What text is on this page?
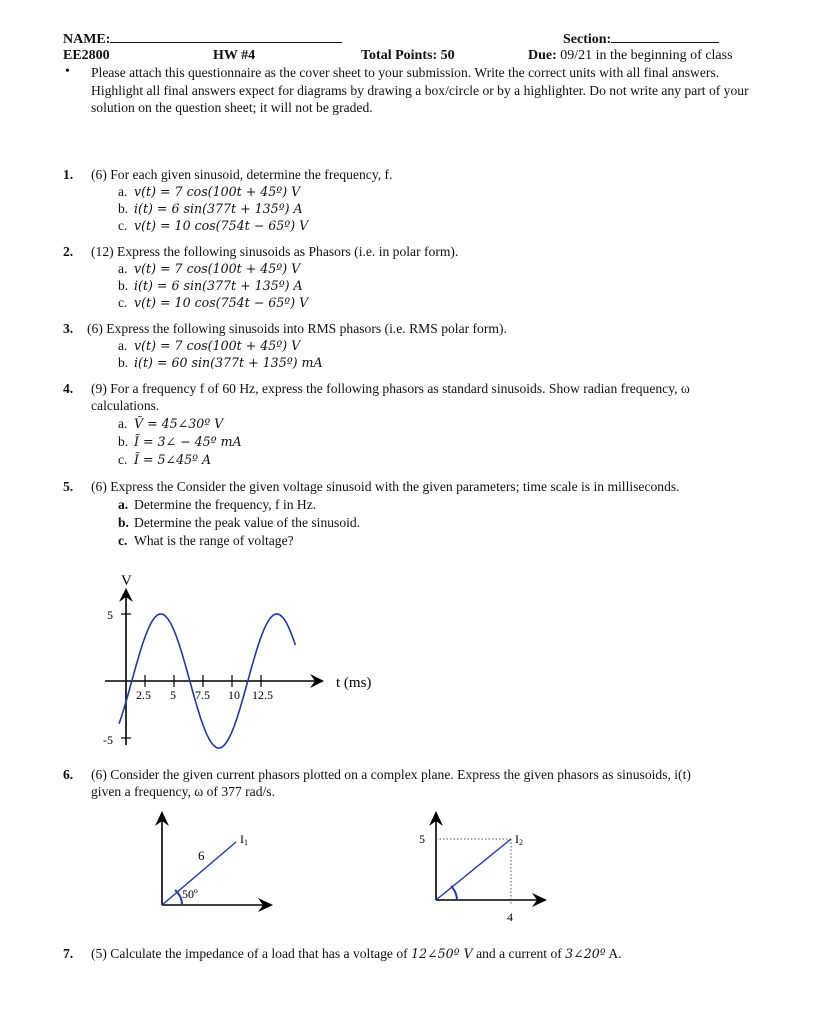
NAME:	Section:
EE2800	HW #4	Total Points: 50	Due: 09/21 in the beginning of class
• Please attach this questionnaire as the cover sheet to your submission. Write the correct units with all final answers. Highlight all final answers expect for diagrams by drawing a box/circle or by a highlighter. Do not write any part of your solution on the question sheet; it will not be graded.
1. (6) For each given sinusoid, determine the frequency, f.
a. v(t) = 7 cos(100t + 45º) V
b. i(t) = 6 sin(377t + 135º) A
c. v(t) = 10 cos(754t − 65º) V
2. (12) Express the following sinusoids as Phasors (i.e. in polar form).
a. v(t) = 7 cos(100t + 45º) V
b. i(t) = 6 sin(377t + 135º) A
c. v(t) = 10 cos(754t − 65º) V
3. (6) Express the following sinusoids into RMS phasors (i.e. RMS polar form).
a. v(t) = 7 cos(100t + 45º) V
b. i(t) = 60 sin(377t + 135º) mA
4. (9) For a frequency f of 60 Hz, express the following phasors as standard sinusoids. Show radian frequency, ω
calculations.
a. Ṽ = 45∠30º V
b. Ĩ = 3∠ − 45º mA
c. Ĩ = 5∠45º A
5. (6) Express the Consider the given voltage sinusoid with the given parameters; time scale is in milliseconds.
a. Determine the frequency, f in Hz.
b. Determine the peak value of the sinusoid.
c. What is the range of voltage?
V
5
-5
t (ms)
2.5 5 7.5 10 12.5
6. (6) Consider the given current phasors plotted on a complex plane. Express the given phasors as sinusoids, i(t)
given a frequency, ω of 377 rad/s.
50º
6
I1	5
4
I2
7. (5) Calculate the impedance of a load that has a voltage of 12∠50º V and a current of 3∠20º A.
